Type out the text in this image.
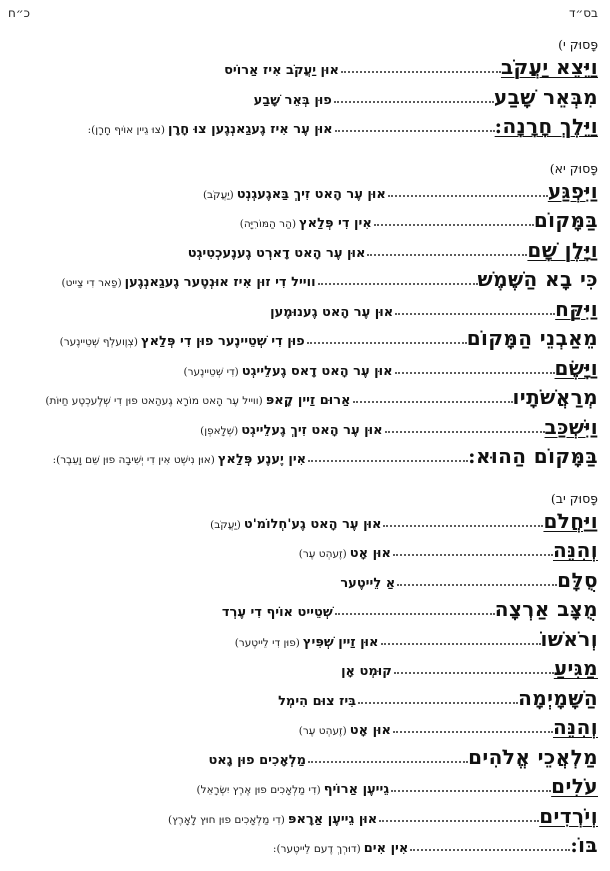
בס״ד
כ״ח
פָּסוּק י)
וַיֵּצֵא יַעֲקֹב
אוּן יַעֲקֹב אִיז אַרוֹיס
מִבְּאֵר שָׁבַע
פוּן בְּאֵר שָׁבַע
וַיֵּלֶךְ חָרָנָה:
אוּן עֶר אִיז גֶעגַאנְגֶען צוּ חָרָן
(צוּ גֵיין אוֹיף חָרָן):
פָּסוּק יא)
וַיִּפְגַּע
אוּן עֶר הָאט זִיךְ בַּאגֶעגְנְט
(יַעֲקֹב)
בַּמָּקוֹם
אִין דִי פְּלַאץ
(הַר הַמּוֹרִיָּה)
וַיָּלֶן שָׁם
אוּן עֶר הָאט דָארְט גֶענֶעכְטִיגְט
כִּי בָא הַשֶּׁמֶשׁ
ווייל דִי זוּן אִיז אוּנְטֶער גֶעגַאנְגֶען
(פַאר דִי צַייט)
וַיִּקַּח
אוּן עֶר הָאט גֶענוּמֶען
מֵאַבְנֵי הַמָּקוֹם
פוּן דִי שְׁטֵיינֶער פוּן דִי פְּלַאץ
(צְוֶועלְף שְׁטֵיינֶער)
וַיָּשֶׂם
אוּן עֶר הָאט דָאס גֶעלֵייגְט
(דִי שְׁטֵיינֶער)
מְרַאֲשֹׁתָיו
אַרוּם זַיין קָאפּ
(ווייל עֶר הָאט מוֹרָא גֶעהַאט פוּן דִי שְׁלֶעכְטֶע חַיּוֹת)
וַיִּשְׁכַּב
אוּן עֶר הָאט זִיךְ גֶעלֵייגְט
(שְׁלָאפְן)
בַּמָּקוֹם הַהוּא:
אִין יֶענֶע פְּלַאץ
(אוּן נִישְׁט אִין דִי יְשִׁיבָה פוּן שֵׁם וָעֵבֶר):
פָּסוּק יב)
וַיַּחֲלֹם
אוּן עֶר הָאט גֶע'חְלוֹמ'ט
(יַעֲקֹב)
וְהִנֵּה
אוּן אָט
(זֶעהְט עֶר)
סֻלָּם
אַ לֵייטֶער
מֻצָּב אַרְצָה
שְׁטֵייט אוֹיף דִי עֶרְד
וְרֹאשׁוֹ
אוּן זַיין שְׁפִּיץ
(פוּן דִי לֵייטֶער)
מַגִּיעַ
קוּמְט אָן
הַשָּׁמָיְמָה
בִּיז צוּם הִימְל
וְהִנֵּה
אוּן אָט
(זֶעהְט עֶר)
מַלְאֲכֵי אֱלֹהִים
מַלְאָכִים פוּן גָאט
עֹלִים
גֵייעֶן אַרוֹיף
(דִי מַלְאָכִים פוּן אֶרֶץ יִשְׂרָאֵל)
וְיֹרְדִים
אוּן גֵייעֶן אַרָאפּ
(דִי מַלְאָכִים פוּן חוּץ לָאָרֶץ)
בּוֹ:
אִין אִים
(דוּרְךְ דֶעם לֵייטֶער):
